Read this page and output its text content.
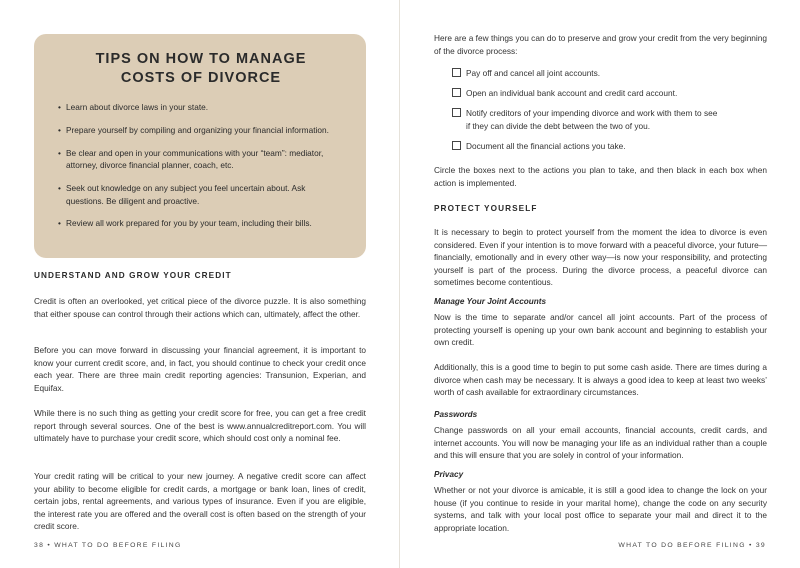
TIPS ON HOW TO MANAGE
COSTS OF DIVORCE

• Learn about divorce laws in your state.
• Prepare yourself by compiling and organizing your financial information.
• Be clear and open in your communications with your “team”: mediator, attorney, divorce financial planner, coach, etc.
• Seek out knowledge on any subject you feel uncertain about. Ask questions. Be diligent and proactive.
• Review all work prepared for you by your team, including their bills.

UNDERSTAND AND GROW YOUR CREDIT

Credit is often an overlooked, yet critical piece of the divorce puzzle. It is also something that either spouse can control through their actions which can, ultimately, affect the other.

Before you can move forward in discussing your financial agreement, it is important to know your current credit score, and, in fact, you should continue to check your credit once each year. There are three main credit reporting agencies: Transunion, Experian, and Equifax.

While there is no such thing as getting your credit score for free, you can get a free credit report through several sources. One of the best is www.annualcreditreport.com. You will ultimately have to purchase your credit score, which should cost only a nominal fee.

Your credit rating will be critical to your new journey. A negative credit score can affect your ability to become eligible for credit cards, a mortgage or bank loan, lines of credit, certain jobs, rental agreements, and various types of insurance. Even if you are eligible, the interest rate you are offered and the overall cost is often based on the strength of your credit score.

38 • WHAT TO DO BEFORE FILING

Here are a few things you can do to preserve and grow your credit from the very beginning of the divorce process:

Pay off and cancel all joint accounts.
Open an individual bank account and credit card account.
Notify creditors of your impending divorce and work with them to see if they can divide the debt between the two of you.
Document all the financial actions you take.

Circle the boxes next to the actions you plan to take, and then black in each box when action is implemented.

PROTECT YOURSELF

It is necessary to begin to protect yourself from the moment the idea to divorce is even considered. Even if your intention is to move forward with a peaceful divorce, your future—financially, emotionally and in every other way—is now your responsibility, and protecting yourself is part of the process. During the divorce process, a peaceful divorce can sometimes become contentious.

Manage Your Joint Accounts

Now is the time to separate and/or cancel all joint accounts. Part of the process of protecting yourself is opening up your own bank account and beginning to establish your own credit.

Additionally, this is a good time to begin to put some cash aside. There are times during a divorce when cash may be necessary. It is always a good idea to keep at least two weeks’ worth of cash available for extraordinary circumstances.

Passwords

Change passwords on all your email accounts, financial accounts, credit cards, and internet accounts. You will now be managing your life as an individual rather than a couple and this will ensure that you are solely in control of your information.

Privacy

Whether or not your divorce is amicable, it is still a good idea to change the lock on your house (if you continue to reside in your marital home), change the code on any security systems, and talk with your local post office to separate your mail and direct it to the appropriate location.

WHAT TO DO BEFORE FILING • 39
